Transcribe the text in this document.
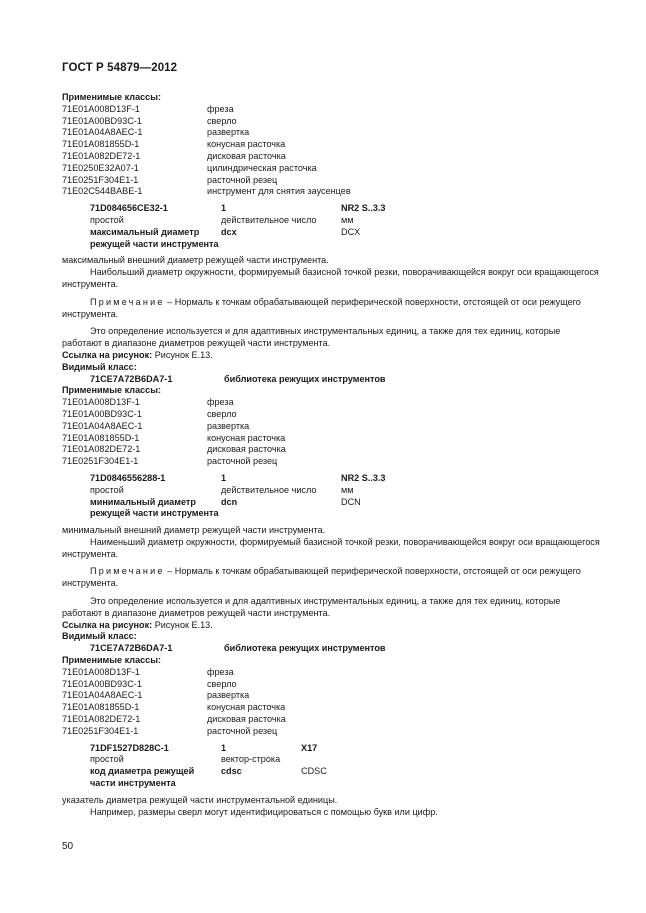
ГОСТ Р 54879—2012
Применимые классы:
71E01A008D13F-1	фреза
71E01A00BD93C-1	сверло
71E01A04A8AEC-1	развертка
71E01A081855D-1	конусная расточка
71E01A082DE72-1	дисковая расточка
71E0250E32A07-1	цилиндрическая расточка
71E0251F304E1-1	расточной резец
71E02C544BABE-1	инструмент для снятия заусенцев
71D084656CE32-1	1	NR2 S..3.3
простой	действительное число	мм
максимальный диаметр	dcx	DCX
режущей части инструмента

максимальный внешний диаметр режущей части инструмента.

Наибольший диаметр окружности, формируемый базисной точкой резки, поворачивающейся вокруг оси вращающегося инструмента.

Примечание – Нормаль к точкам обрабатывающей периферической поверхности, отстоящей от оси режущего инструмента.

Это определение используется и для адаптивных инструментальных единиц, а также для тех единиц, которые работают в диапазоне диаметров режущей части инструмента.

Ссылка на рисунок: Рисунок Е.13.

Видимый класс:
71CE7A72B6DA7-1	библиотека режущих инструментов
Применимые классы:
71E01A008D13F-1	фреза
71E01A00BD93C-1	сверло
71E01A04A8AEC-1	развертка
71E01A081855D-1	конусная расточка
71E01A082DE72-1	дисковая расточка
71E0251F304E1-1	расточной резец
71D0846556288-1	1	NR2 S..3.3
простой	действительное число	мм
минимальный диаметр	dcn	DCN
режущей части инструмента

минимальный внешний диаметр режущей части инструмента.

Наименьший диаметр окружности, формируемый базисной точкой резки, поворачивающейся вокруг оси вращающегося инструмента.

Примечание – Нормаль к точкам обрабатывающей периферической поверхности, отстоящей от оси режущего инструмента.

Это определение используется и для адаптивных инструментальных единиц, а также для тех единиц, которые работают в диапазоне диаметров режущей части инструмента.

Ссылка на рисунок: Рисунок Е.13.

Видимый класс:
71CE7A72B6DA7-1	библиотека режущих инструментов
Применимые классы:
71E01A008D13F-1	фреза
71E01A00BD93C-1	сверло
71E01A04A8AEC-1	развертка
71E01A081855D-1	конусная расточка
71E01A082DE72-1	дисковая расточка
71E0251F304E1-1	расточной резец
71DF1527D828C-1	1	X17
простой	вектор-строка
код диаметра режущей	cdsc	CDSC
части инструмента

указатель диаметра режущей части инструментальной единицы.

Например, размеры сверл могут идентифицироваться с помощью букв или цифр.

50
